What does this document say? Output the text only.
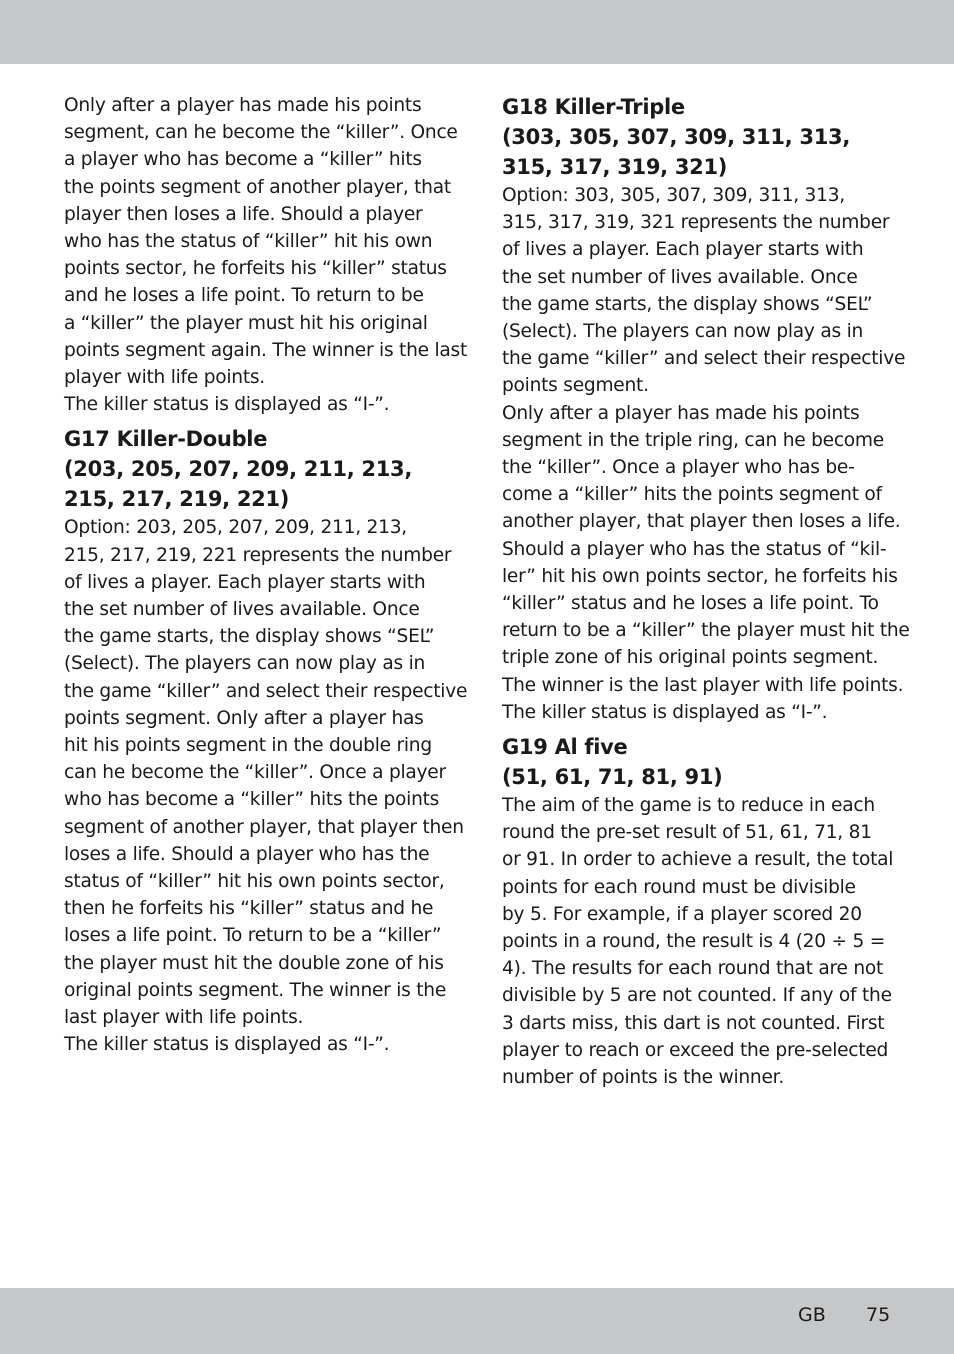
Only after a player has made his points
segment, can he become the “killer”. Once
a player who has become a “killer” hits
the points segment of another player, that
player then loses a life. Should a player
who has the status of “killer” hit his own
points sector, he forfeits his “killer” status
and he loses a life point. To return to be
a “killer” the player must hit his original
points segment again. The winner is the last
player with life points.
The killer status is displayed as “I-”.
G17 Killer-Double
(203, 205, 207, 209, 211, 213,
215, 217, 219, 221)
Option: 203, 205, 207, 209, 211, 213,
215, 217, 219, 221 represents the number
of lives a player. Each player starts with
the set number of lives available. Once
the game starts, the display shows “SEL”
(Select). The players can now play as in
the game “killer” and select their respective
points segment. Only after a player has
hit his points segment in the double ring
can he become the “killer”. Once a player
who has become a “killer” hits the points
segment of another player, that player then
loses a life. Should a player who has the
status of “killer” hit his own points sector,
then he forfeits his “killer” status and he
loses a life point. To return to be a “killer”
the player must hit the double zone of his
original points segment. The winner is the
last player with life points.
The killer status is displayed as “I-”.
G18 Killer-Triple
(303, 305, 307, 309, 311, 313,
315, 317, 319, 321)
Option: 303, 305, 307, 309, 311, 313,
315, 317, 319, 321 represents the number
of lives a player. Each player starts with
the set number of lives available. Once
the game starts, the display shows “SEL”
(Select). The players can now play as in
the game “killer” and select their respective
points segment.
Only after a player has made his points
segment in the triple ring, can he become
the “killer”. Once a player who has be-
come a “killer” hits the points segment of
another player, that player then loses a life.
Should a player who has the status of “kil-
ler” hit his own points sector, he forfeits his
“killer” status and he loses a life point. To
return to be a “killer” the player must hit the
triple zone of his original points segment.
The winner is the last player with life points.
The killer status is displayed as “I-”.
G19 Al five
(51, 61, 71, 81, 91)
The aim of the game is to reduce in each
round the pre-set result of 51, 61, 71, 81
or 91. In order to achieve a result, the total
points for each round must be divisible
by 5. For example, if a player scored 20
points in a round, the result is 4 (20 ÷ 5 =
4). The results for each round that are not
divisible by 5 are not counted. If any of the
3 darts miss, this dart is not counted. First
player to reach or exceed the pre-selected
number of points is the winner.
GB 75
